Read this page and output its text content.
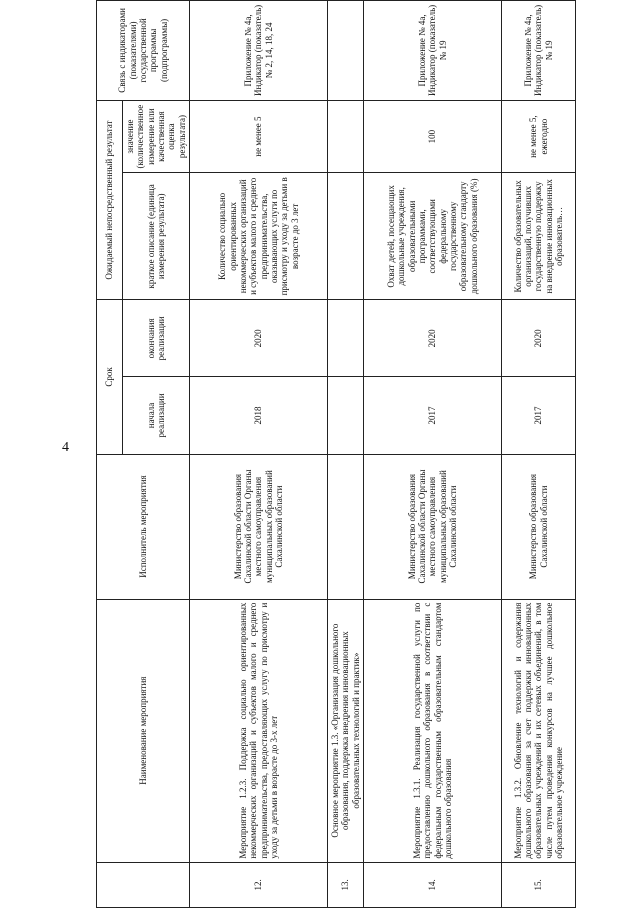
4
	Наименование мероприятия	Исполнитель мероприятия	Срок		Ожидаемый непосредственный результат		Связь с индикаторами (показателями) государственной программы (подпрограммы)
			начала реализации	окончания реализации	краткое описание (единица измерения результата)	значение (количественное измерение или качественная оценка результата)	
12.	Мероприятие 1.2.3. Поддержка социально ориентированных некоммерческих организаций и субъектов малого и среднего предпринимательства, предоставляющих услугу по присмотру и уходу за детьми в возрасте до 3-х лет	Министерство образования Сахалинской области Органы местного самоуправления муниципальных образований Сахалинской области	2018	2020	Количество социально ориентированных некоммерческих организаций и субъектов малого и среднего предпринимательства, оказывающих услуги по присмотру и уходу за детьми в возрасте до 3 лет	не менее 5	Приложение № 4а, Индикатор (показатель) № 2, 14, 18, 24
13.	Основное мероприятие 1.3. «Организация дошкольного образования, поддержка внедрения инновационных образовательных технологий и практик»						
14.	Мероприятие 1.3.1. Реализация государственной услуги по предоставлению дошкольного образования в соответствии с федеральным государственным образовательным стандартом дошкольного образования	Министерство образования Сахалинской области Органы местного самоуправления муниципальных образований Сахалинской области	2017	2020	Охват детей, посещающих дошкольные учреждения, образовательными программами, соответствующими федеральному государственному образовательному стандарту дошкольного образования (%)	100	Приложение № 4а, Индикатор (показатель) № 19
15.	Мероприятие 1.3.2. Обновление технологий и содержания дошкольного образования за счет поддержки инновационных образовательных учреждений и их сетевых объединений, в том числе путем проведения конкурсов на лучшее дошкольное образовательное учреждение	Министерство образования Сахалинской области	2017	2020	Количество образовательных организаций, получивших государственную поддержку на внедрение инновационных образователь…	не менее 5, ежегодно	Приложение № 4а, Индикатор (показатель) № 19
